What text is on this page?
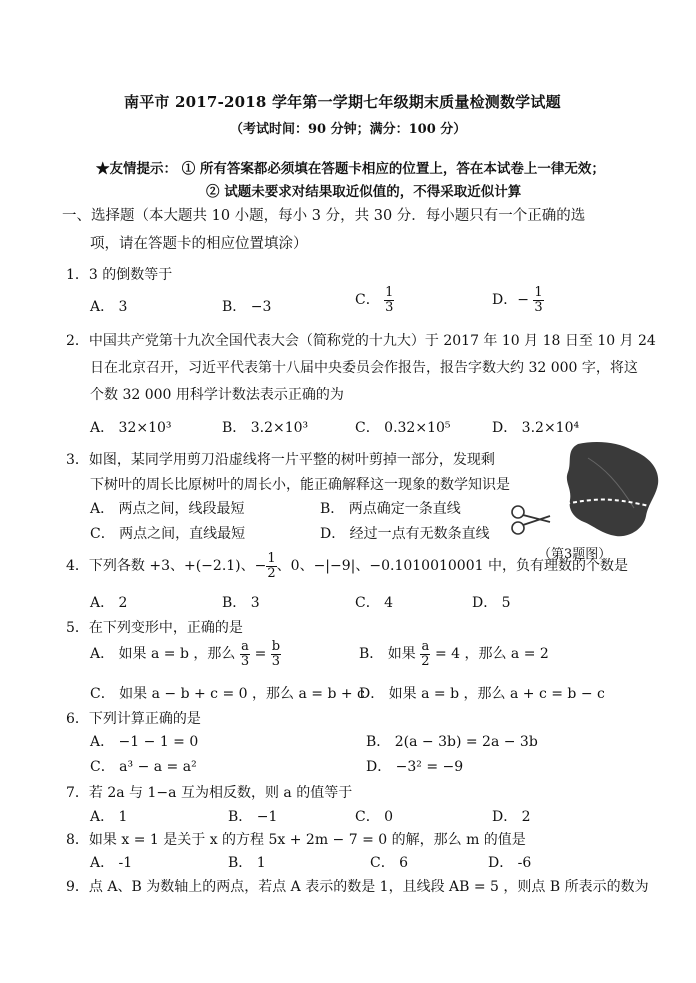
南平市 2017-2018 学年第一学期七年级期末质量检测数学试题
（考试时间：90 分钟；满分：100 分）
★友情提示： ① 所有答案都必须填在答题卡相应的位置上，答在本试卷上一律无效；
② 试题未要求对结果取近似值的，不得采取近似计算
一、选择题（本大题共 10 小题，每小 3 分，共 30 分．每小题只有一个正确的选
项，请在答题卡的相应位置填涂）
1．3 的倒数等于
A． 3	B． −3	C． $\frac{1}{3}$	D．− $\frac{1}{3}$
2．中国共产党第十九次全国代表大会（简称党的十九大）于 2017 年 10 月 18 日至 10 月 24
日在北京召开，习近平代表第十八届中央委员会作报告，报告字数大约 32 000 字，将这
个数 32 000 用科学计数法表示正确的为
A． 32×10³	B． 3.2×10³	C． 0.32×10⁵	D． 3.2×10⁴
3．如图，某同学用剪刀沿虚线将一片平整的树叶剪掉一部分，发现剩
下树叶的周长比原树叶的周长小，能正确解释这一现象的数学知识是
A． 两点之间，线段最短	B． 两点确定一条直线
C． 两点之间，直线最短	D． 经过一点有无数条直线
（第3题图）
4．下列各数 +3、+(−2.1)、− $\frac{1}{2}$ 、0、−|−9|、−0.1010010001 中，负有理数的个数是
A． 2	B． 3	C． 4	D． 5
5．在下列变形中，正确的是
A． 如果 a = b ，那么 $\frac{a}{3} = \frac{b}{3}$	B． 如果 $\frac{a}{2} = 4$ ，那么 a = 2
C． 如果 a − b + c = 0 ，那么 a = b + c
D． 如果 a = b ，那么 a + c = b − c
6．下列计算正确的是
A． −1 − 1 = 0	B． 2(a − 3b) = 2a − 3b
C． a³ − a = a²	D． −3² = −9
7．若 2a 与 1−a 互为相反数，则 a 的值等于
A． 1	B． −1	C． 0	D． 2
8．如果 x = 1 是关于 x 的方程 5x + 2m − 7 = 0 的解，那么 m 的值是
A． -1	B． 1	C． 6	D． -6
9．点 A、B 为数轴上的两点，若点 A 表示的数是 1，且线段 AB = 5 ，则点 B 所表示的数为
